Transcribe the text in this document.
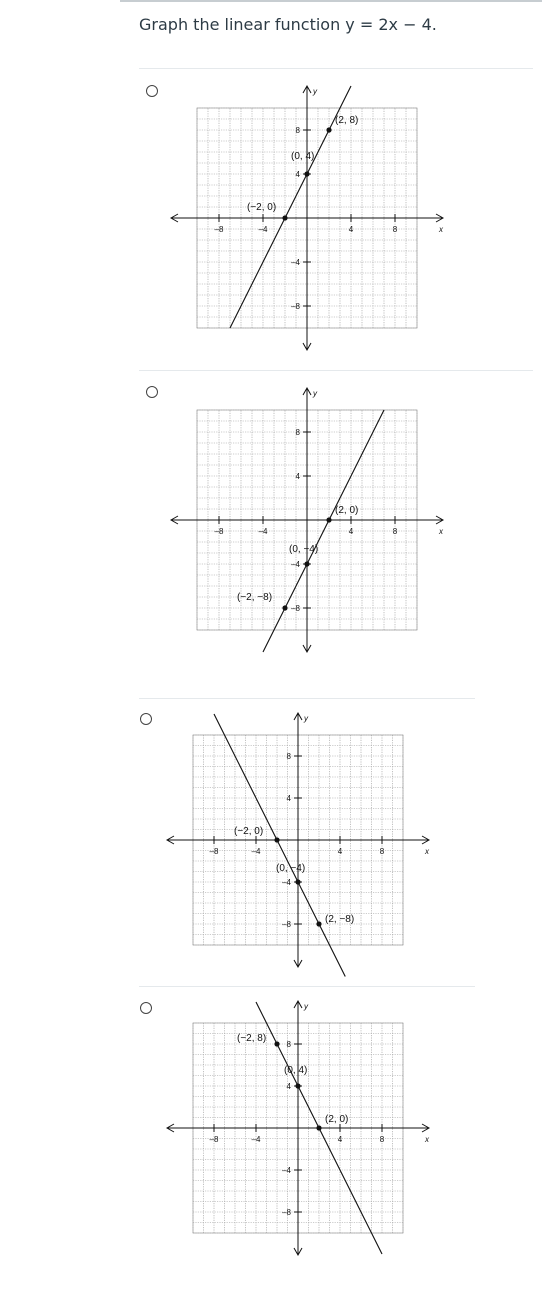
Graph the linear function y = 2x − 4.
x
y
–8	–4	4	8
8
4
–4
–8
(−2, 0)
(0, 4)
(2, 8)
x
y
–8	–4	4	8
8
4
–4
–8
(2, 0)
(0, −4)
(−2, −8)
x
y
–8	–4	4	8
8
4
–4
–8
(−2, 0)
(0, −4)
(2, −8)
x
y
–8	–4	4	8
8
4
–4
–8
(−2, 8)
(0, 4)
(2, 0)
